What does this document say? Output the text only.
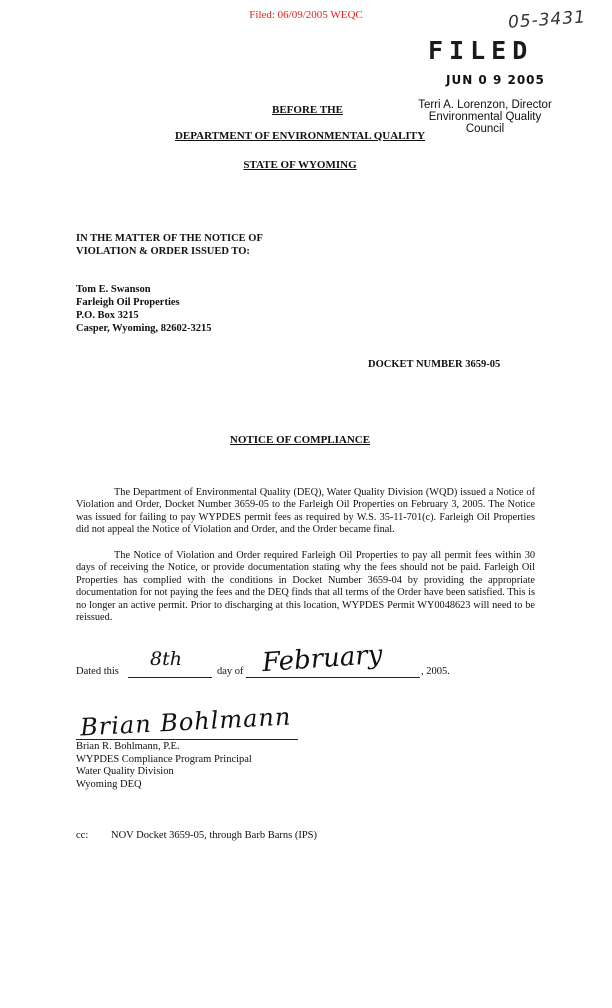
Filed: 06/09/2005 WEQC	05-3431
FILED
JUN 0 9 2005
Terri A. Lorenzon, Director
Environmental Quality Council
BEFORE THE
DEPARTMENT OF ENVIRONMENTAL QUALITY
STATE OF WYOMING
IN THE MATTER OF THE NOTICE OF
VIOLATION & ORDER ISSUED TO:
Tom E. Swanson
Farleigh Oil Properties
P.O. Box 3215
Casper, Wyoming, 82602-3215
DOCKET NUMBER 3659-05
NOTICE OF COMPLIANCE
The Department of Environmental Quality (DEQ), Water Quality Division (WQD) issued a Notice of Violation and Order, Docket Number 3659-05 to the Farleigh Oil Properties on February 3, 2005. The Notice was issued for failing to pay WYPDES permit fees as required by W.S. 35-11-701(c). Farleigh Oil Properties did not appeal the Notice of Violation and Order, and the Order became final.
The Notice of Violation and Order required Farleigh Oil Properties to pay all permit fees within 30 days of receiving the Notice, or provide documentation stating why the fees should not be paid. Farleigh Oil Properties has complied with the conditions in Docket Number 3659-04 by providing the appropriate documentation for not paying the fees and the DEQ finds that all terms of the Order have been satisfied. This is no longer an active permit. Prior to discharging at this location, WYPDES Permit WY0048623 will need to be reissued.
Dated this
8th
day of February	, 2005.
Brian Bohlmann
Brian R. Bohlmann, P.E.
WYPDES Compliance Program Principal
Water Quality Division
Wyoming DEQ
cc: NOV Docket 3659-05, through Barb Barns (IPS)
